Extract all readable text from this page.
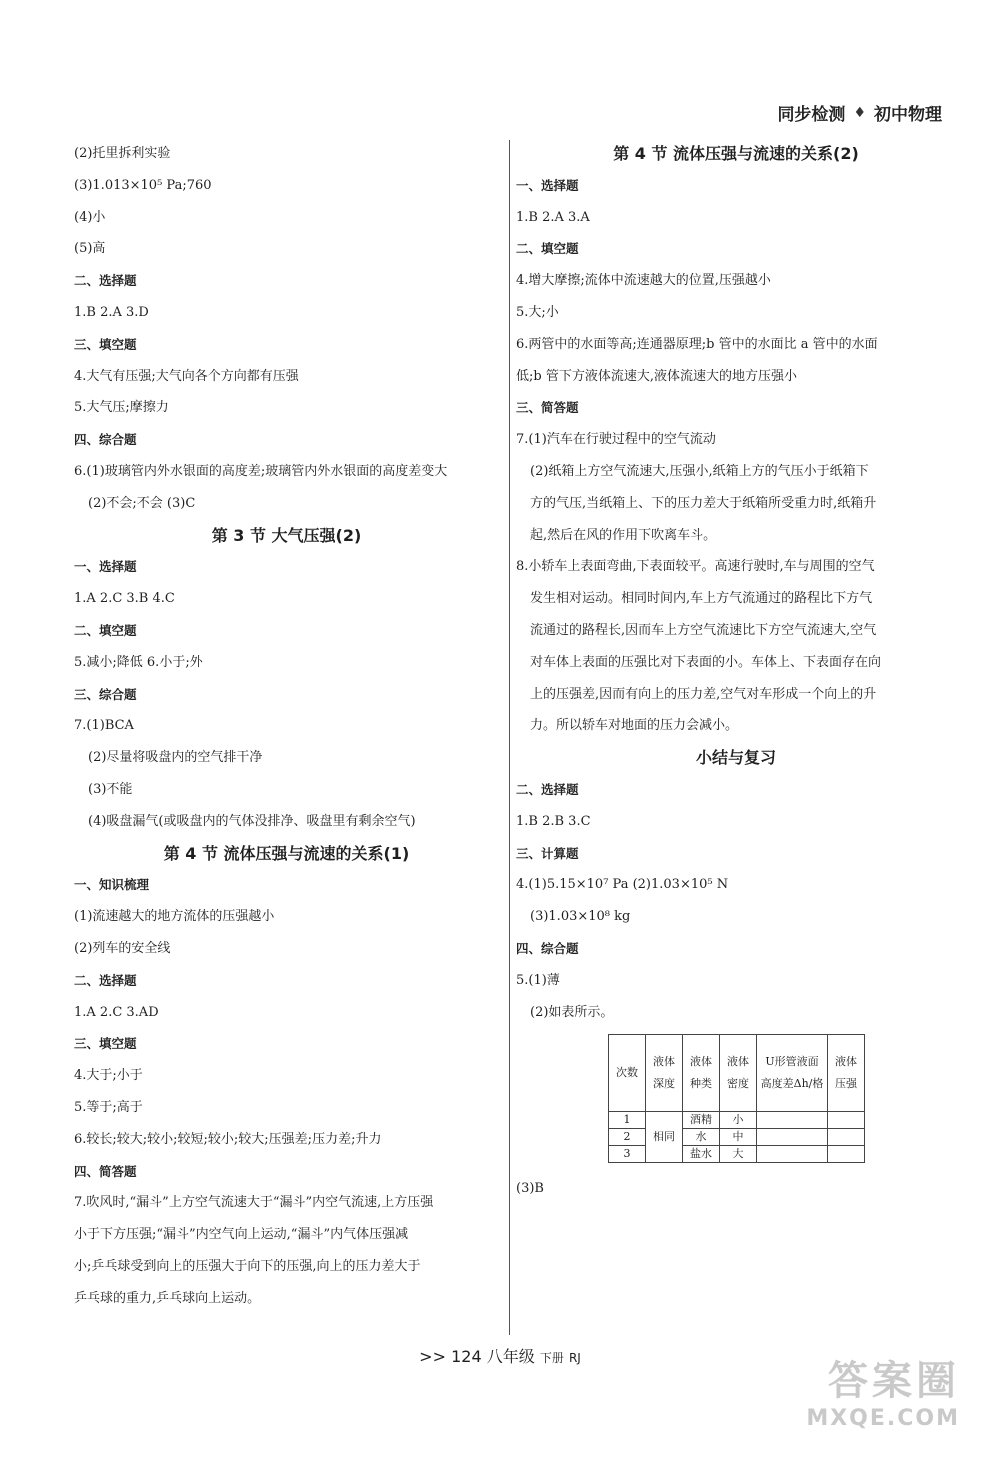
同步检测 ♦ 初中物理
(2)托里拆利实验
(3)1.013×10⁵ Pa;760
(4)小
(5)高
二、选择题
1.B 2.A 3.D
三、填空题
4.大气有压强;大气向各个方向都有压强
5.大气压;摩擦力
四、综合题
6.(1)玻璃管内外水银面的高度差;玻璃管内外水银面的高度差变大
(2)不会;不会 (3)C
第 3 节 大气压强(2)
一、选择题
1.A 2.C 3.B 4.C
二、填空题
5.减小;降低 6.小于;外
三、综合题
7.(1)BCA
(2)尽量将吸盘内的空气排干净
(3)不能
(4)吸盘漏气(或吸盘内的气体没排净、吸盘里有剩余空气)
第 4 节 流体压强与流速的关系(1)
一、知识梳理
(1)流速越大的地方流体的压强越小
(2)列车的安全线
二、选择题
1.A 2.C 3.AD
三、填空题
4.大于;小于
5.等于;高于
6.较长;较大;较小;较短;较小;较大;压强差;压力差;升力
四、简答题
7.吹风时,“漏斗”上方空气流速大于“漏斗”内空气流速,上方压强
小于下方压强;“漏斗”内空气向上运动,“漏斗”内气体压强减
小;乒乓球受到向上的压强大于向下的压强,向上的压力差大于
乒乓球的重力,乒乓球向上运动。
第 4 节 流体压强与流速的关系(2)
一、选择题
1.B 2.A 3.A
二、填空题
4.增大摩擦;流体中流速越大的位置,压强越小
5.大;小
6.两管中的水面等高;连通器原理;b 管中的水面比 a 管中的水面
低;b 管下方液体流速大,液体流速大的地方压强小
三、简答题
7.(1)汽车在行驶过程中的空气流动
(2)纸箱上方空气流速大,压强小,纸箱上方的气压小于纸箱下
方的气压,当纸箱上、下的压力差大于纸箱所受重力时,纸箱升
起,然后在风的作用下吹离车斗。
8.小轿车上表面弯曲,下表面较平。高速行驶时,车与周围的空气
发生相对运动。相同时间内,车上方气流通过的路程比下方气
流通过的路程长,因而车上方空气流速比下方空气流速大,空气
对车体上表面的压强比对下表面的小。车体上、下表面存在向
上的压强差,因而有向上的压力差,空气对车形成一个向上的升
力。所以轿车对地面的压力会减小。
小结与复习
二、选择题
1.B 2.B 3.C
三、计算题
4.(1)5.15×10⁷ Pa (2)1.03×10⁵ N
(3)1.03×10⁸ kg
四、综合题
5.(1)薄
(2)如表所示。
次数	液体深度	液体种类	液体密度	U形管液面高度差Δh/格	液体压强
1	相同	酒精	小		
2		水	中		
3		盐水	大		
(3)B
>> 124 八年级 下册 RJ	答案圈
MXQE.COM
